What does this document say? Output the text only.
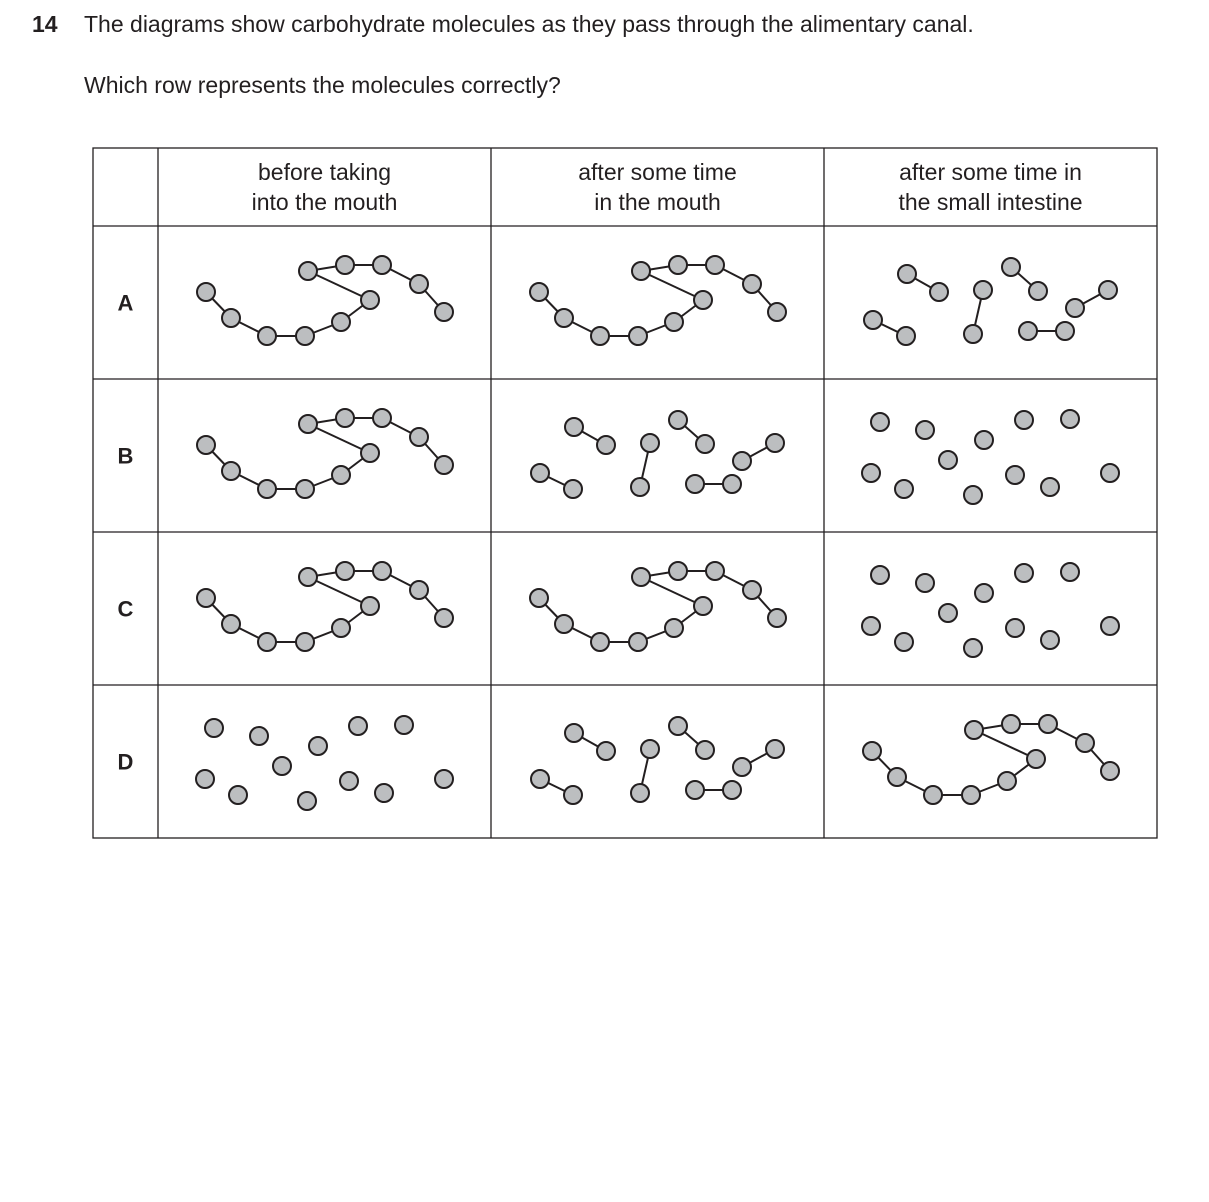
14 The diagrams show carbohydrate molecules as they pass through the alimentary canal.
Which row represents the molecules correctly?
before taking
into the mouth
after some time
in the mouth
after some time in
the small intestine
A
B
C
D
